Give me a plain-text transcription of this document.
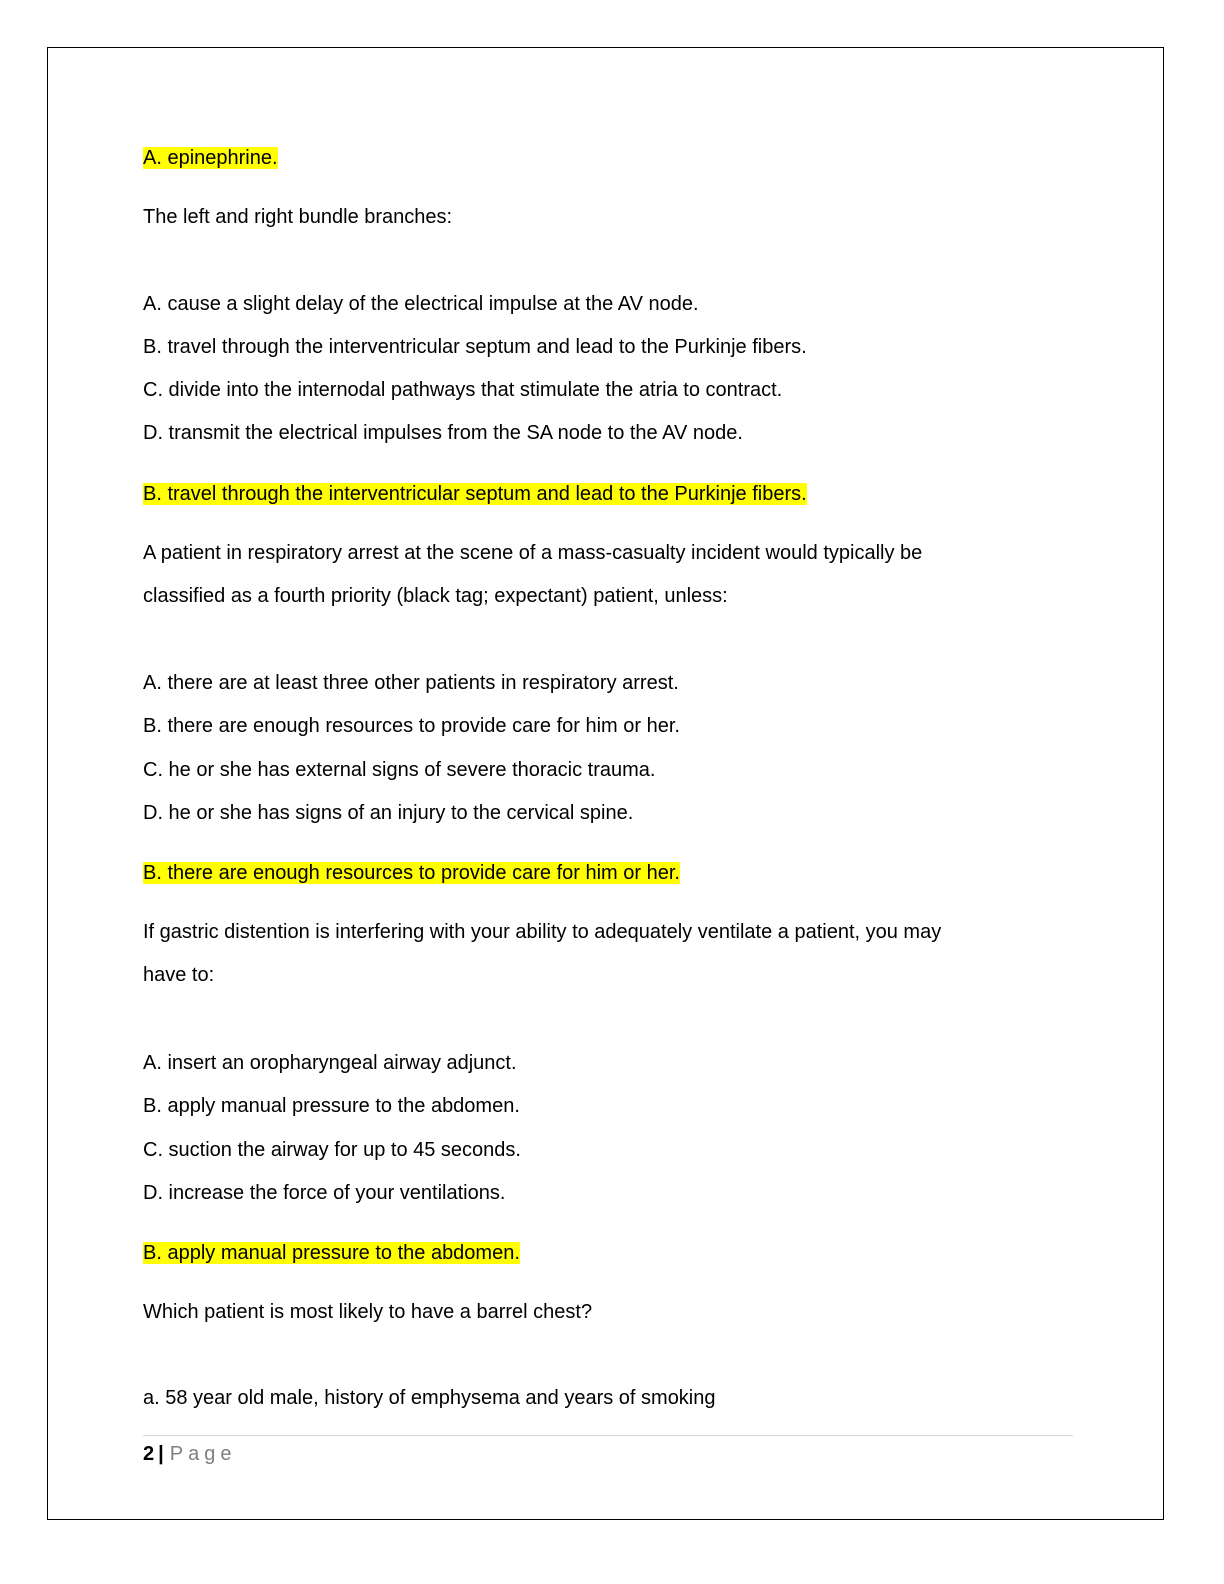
A. epinephrine.
The left and right bundle branches:
A. cause a slight delay of the electrical impulse at the AV node.
B. travel through the interventricular septum and lead to the Purkinje fibers.
C. divide into the internodal pathways that stimulate the atria to contract.
D. transmit the electrical impulses from the SA node to the AV node.
B. travel through the interventricular septum and lead to the Purkinje fibers.
A patient in respiratory arrest at the scene of a mass-casualty incident would typically be
classified as a fourth priority (black tag; expectant) patient, unless:
A. there are at least three other patients in respiratory arrest.
B. there are enough resources to provide care for him or her.
C. he or she has external signs of severe thoracic trauma.
D. he or she has signs of an injury to the cervical spine.
B. there are enough resources to provide care for him or her.
If gastric distention is interfering with your ability to adequately ventilate a patient, you may
have to:
A. insert an oropharyngeal airway adjunct.
B. apply manual pressure to the abdomen.
C. suction the airway for up to 45 seconds.
D. increase the force of your ventilations.
B. apply manual pressure to the abdomen.
Which patient is most likely to have a barrel chest?
a. 58 year old male, history of emphysema and years of smoking
2 | Page
